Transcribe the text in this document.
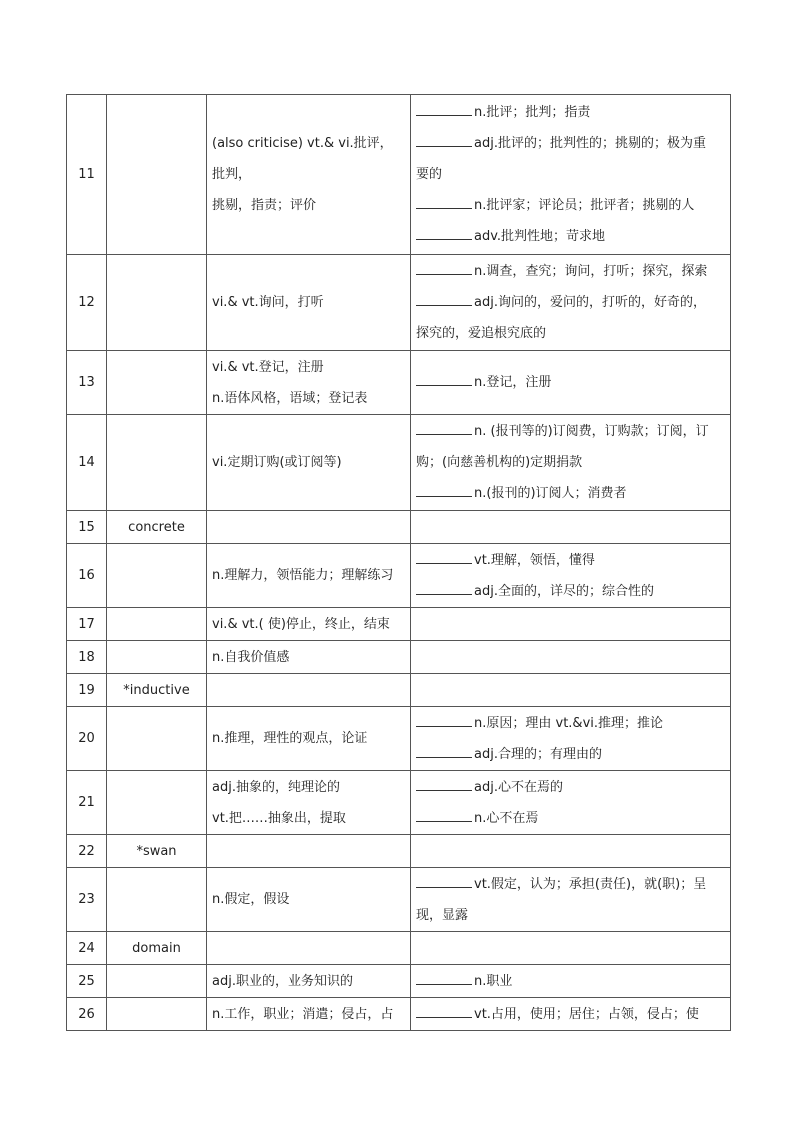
11		(also criticise) vt.& vi.批评，批判，
挑剔，指责；评价	n.批评；批判；指责
adj.批评的；批判性的；挑剔的；极为重
要的
n.批评家；评论员；批评者；挑剔的人
adv.批判性地；苛求地

12		vi.& vt.询问，打听	n.调查，查究；询问，打听；探究，探索
adj.询问的，爱问的，打听的，好奇的，
探究的，爱追根究底的

13		vi.& vt.登记，注册
n.语体风格，语域；登记表	n.登记，注册

14		vi.定期订购(或订阅等)	n. (报刊等的)订阅费，订购款；订阅，订
购；(向慈善机构的)定期捐款
n.(报刊的)订阅人；消费者

15	concrete		
16		n.理解力，领悟能力；理解练习	vt.理解，领悟，懂得
adj.全面的，详尽的；综合性的

17		vi.& vt.( 使)停止，终止，结束	

18		n.自我价值感	

19	*inductive		
20		n.推理，理性的观点，论证	n.原因；理由 vt.&vi.推理；推论
adj.合理的；有理由的

21		adj.抽象的，纯理论的
vt.把……抽象出，提取	adj.心不在焉的
n.心不在焉

22	*swan		
23		n.假定，假设	vt.假定，认为；承担(责任)，就(职)；呈
现，显露

24	domain		
25		adj.职业的，业务知识的	n.职业

26		n.工作，职业；消遣；侵占，占	vt.占用，使用；居住；占领，侵占；使
